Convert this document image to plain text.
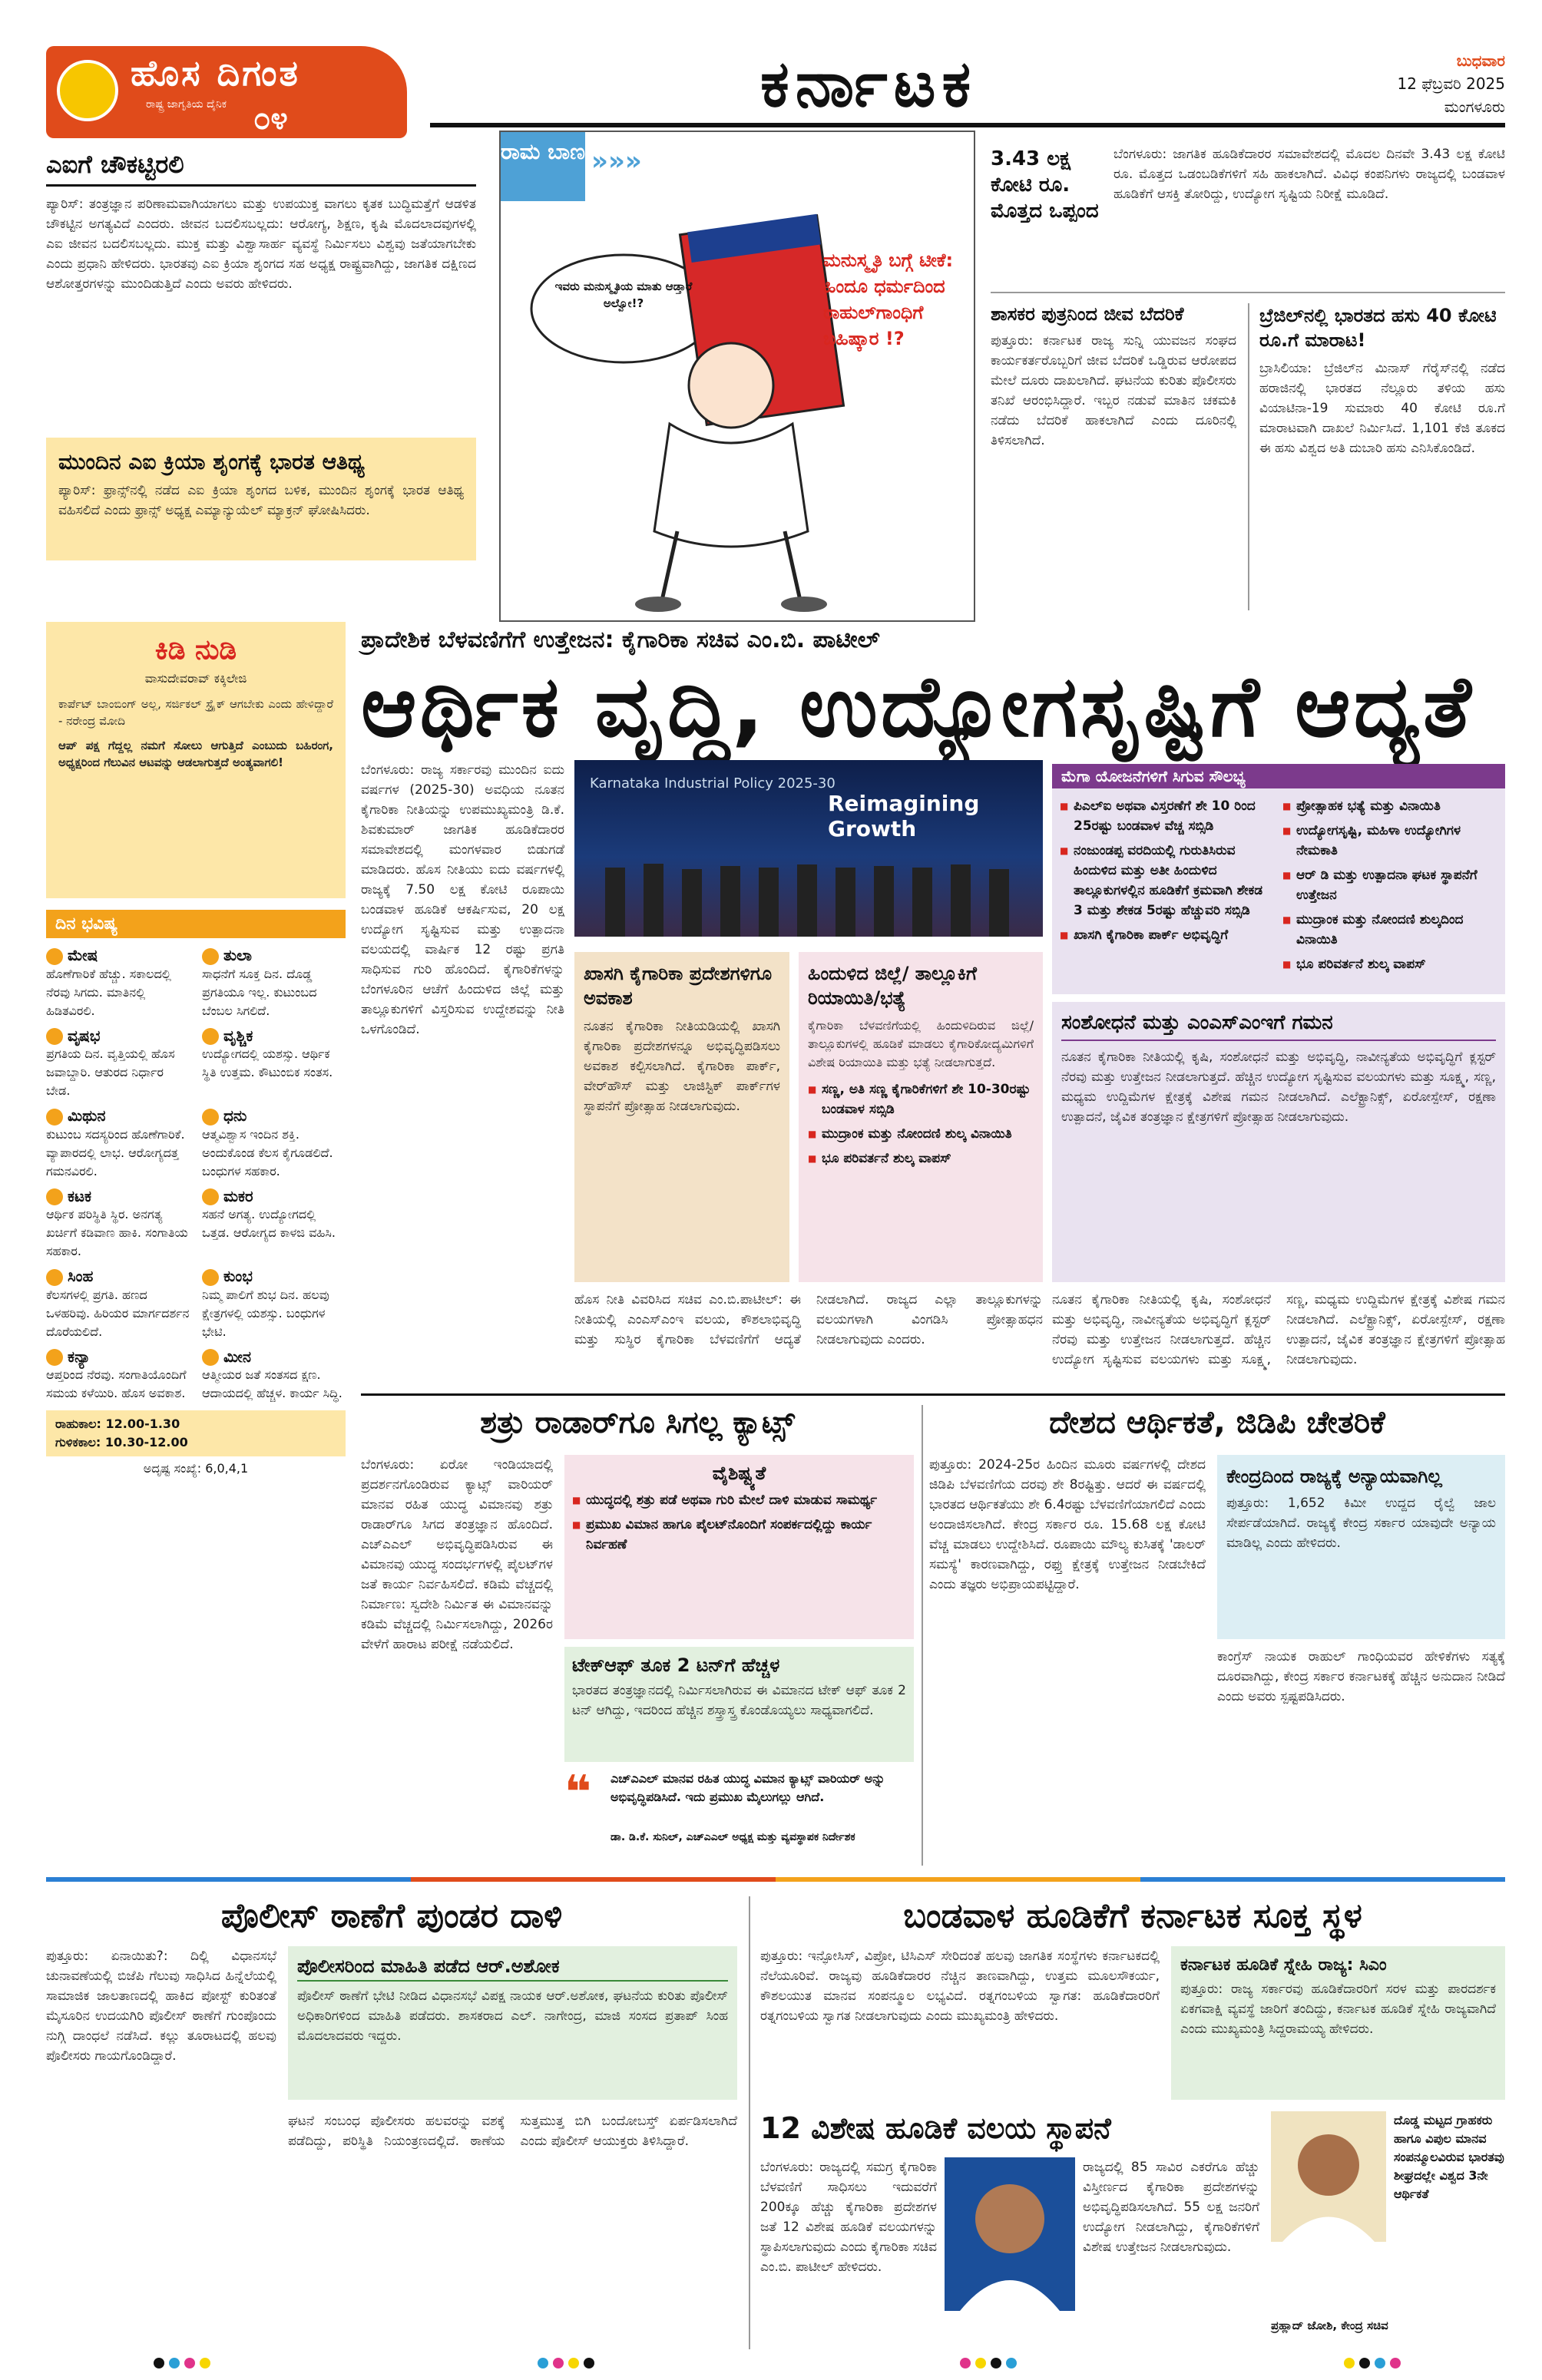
ಹೊಸ ದಿಗಂತ
ರಾಷ್ಟ್ರ ಜಾಗೃತಿಯ ದೈನಿಕ ೦೪	ಕರ್ನಾಟಕ	ಬುಧವಾರ
12 ಫೆಬ್ರವರಿ 2025
ಮಂಗಳೂರು
ಎಐಗೆ ಚೌಕಟ್ಟಿರಲಿ
ಪ್ಯಾರಿಸ್: ತಂತ್ರಜ್ಞಾನ ಪರಿಣಾಮವಾಗಿಯಾಗಲು ಮತ್ತು ಉಪಯುಕ್ತ ವಾಗಲು ಕೃತಕ ಬುದ್ಧಿಮತ್ತೆಗೆ ಆಡಳಿತ ಚೌಕಟ್ಟಿನ ಅಗತ್ಯವಿದೆ ಎಂದರು. ಜೀವನ ಬದಲಿಸಬಲ್ಲದು: ಆರೋಗ್ಯ, ಶಿಕ್ಷಣ, ಕೃಷಿ ಮೊದಲಾದವುಗಳಲ್ಲಿ ಎಐ ಜೀವನ ಬದಲಿಸಬಲ್ಲದು. ಮುಕ್ತ ಮತ್ತು ವಿಶ್ವಾಸಾರ್ಹ ವ್ಯವಸ್ಥೆ ನಿರ್ಮಿಸಲು ವಿಶ್ವವು ಜತೆಯಾಗಬೇಕು ಎಂದು ಪ್ರಧಾನಿ ಹೇಳಿದರು. ಭಾರತವು ಎಐ ಕ್ರಿಯಾ ಶೃಂಗದ ಸಹ ಅಧ್ಯಕ್ಷ ರಾಷ್ಟ್ರವಾಗಿದ್ದು, ಜಾಗತಿಕ ದಕ್ಷಿಣದ ಆಶೋತ್ತರಗಳನ್ನು ಮುಂದಿಡುತ್ತಿದೆ ಎಂದು ಅವರು ಹೇಳಿದರು.
ಮುಂದಿನ ಎಐ ಕ್ರಿಯಾ ಶೃಂಗಕ್ಕೆ ಭಾರತ ಆತಿಥ್ಯ
ಪ್ಯಾರಿಸ್: ಫ್ರಾನ್ಸ್‌ನಲ್ಲಿ ನಡೆದ ಎಐ ಕ್ರಿಯಾ ಶೃಂಗದ ಬಳಿಕ, ಮುಂದಿನ ಶೃಂಗಕ್ಕೆ ಭಾರತ ಆತಿಥ್ಯ ವಹಿಸಲಿದೆ ಎಂದು ಫ್ರಾನ್ಸ್ ಅಧ್ಯಕ್ಷ ಎಮ್ಯಾನ್ಯುಯೆಲ್ ಮ್ಯಾಕ್ರನ್ ಘೋಷಿಸಿದರು.
ರಾಮ ಬಾಣ »»»
ಇವರು ಮನುಸ್ಮೃತಿಯ ಮಾತು ಆಡ್ತಾರೆ ಅಲ್ವೋ!?
ಮನುಸ್ಮೃತಿ ಬಗ್ಗೆ ಟೀಕೆ: ಹಿಂದೂ ಧರ್ಮದಿಂದ ರಾಹುಲ್‌ಗಾಂಧಿಗೆ ಬಹಿಷ್ಕಾರ !?
3.43 ಲಕ್ಷ ಕೋಟಿ ರೂ. ಮೊತ್ತದ ಒಪ್ಪಂದ
ಬೆಂಗಳೂರು: ಜಾಗತಿಕ ಹೂಡಿಕೆದಾರರ ಸಮಾವೇಶದಲ್ಲಿ ಮೊದಲ ದಿನವೇ 3.43 ಲಕ್ಷ ಕೋಟಿ ರೂ. ಮೊತ್ತದ ಒಡಂಬಡಿಕೆಗಳಿಗೆ ಸಹಿ ಹಾಕಲಾಗಿದೆ. ವಿವಿಧ ಕಂಪನಿಗಳು ರಾಜ್ಯದಲ್ಲಿ ಬಂಡವಾಳ ಹೂಡಿಕೆಗೆ ಆಸಕ್ತಿ ತೋರಿದ್ದು, ಉದ್ಯೋಗ ಸೃಷ್ಟಿಯ ನಿರೀಕ್ಷೆ ಮೂಡಿದೆ.
ಶಾಸಕರ ಪುತ್ರನಿಂದ ಜೀವ ಬೆದರಿಕೆ
ಪುತ್ತೂರು: ಕರ್ನಾಟಕ ರಾಜ್ಯ ಸುನ್ನಿ ಯುವಜನ ಸಂಘದ ಕಾರ್ಯಕರ್ತರೊಬ್ಬರಿಗೆ ಜೀವ ಬೆದರಿಕೆ ಒಡ್ಡಿರುವ ಆರೋಪದ ಮೇಲೆ ದೂರು ದಾಖಲಾಗಿದೆ. ಘಟನೆಯ ಕುರಿತು ಪೊಲೀಸರು ತನಿಖೆ ಆರಂಭಿಸಿದ್ದಾರೆ. ಇಬ್ಬರ ನಡುವೆ ಮಾತಿನ ಚಕಮಕಿ ನಡೆದು ಬೆದರಿಕೆ ಹಾಕಲಾಗಿದೆ ಎಂದು ದೂರಿನಲ್ಲಿ ತಿಳಿಸಲಾಗಿದೆ.
ಬ್ರೆಜಿಲ್‌ನಲ್ಲಿ ಭಾರತದ ಹಸು 40 ಕೋಟಿ ರೂ.ಗೆ ಮಾರಾಟ!
ಬ್ರಾಸಿಲಿಯಾ: ಬ್ರೆಜಿಲ್‌ನ ಮಿನಾಸ್ ಗೆರೈಸ್‌ನಲ್ಲಿ ನಡೆದ ಹರಾಜಿನಲ್ಲಿ ಭಾರತದ ನೆಲ್ಲೂರು ತಳಿಯ ಹಸು ವಿಯಾಟಿನಾ-19 ಸುಮಾರು 40 ಕೋಟಿ ರೂ.ಗೆ ಮಾರಾಟವಾಗಿ ದಾಖಲೆ ನಿರ್ಮಿಸಿದೆ. 1,101 ಕೆಜಿ ತೂಕದ ಈ ಹಸು ವಿಶ್ವದ ಅತಿ ದುಬಾರಿ ಹಸು ಎನಿಸಿಕೊಂಡಿದೆ.
ಕಿಡಿ ನುಡಿ
ವಾಸುದೇವರಾವ್ ಕಕ್ಕಿಲೇಜಿ
ಕಾರ್ಪೆಟ್ ಬಾಂಬಿಂಗ್ ಅಲ್ಲ, ಸರ್ಜಿಕಲ್ ಸ್ಟ್ರೈಕ್ ಆಗಬೇಕು ಎಂದು ಹೇಳಿದ್ದಾರೆ - ನರೇಂದ್ರ ಮೋದಿ
ಆಪ್ ಪಕ್ಷ ಗೆದ್ದಲ್ಲ ನಮಗೆ ಸೋಲು ಆಗುತ್ತಿದೆ ಎಂಬುದು ಬಹಿರಂಗ, ಅಧ್ಯಕ್ಷರಿಂದ ಗೆಲುವಿನ ಆಟವನ್ನು ಆಡಲಾಗುತ್ತದೆ ಅಂತ್ಯವಾಗಲಿ!
ದಿನ ಭವಿಷ್ಯ
ಮೇಷ
ಹೊಣೆಗಾರಿಕೆ ಹೆಚ್ಚು. ಸಕಾಲದಲ್ಲಿ ನೆರವು ಸಿಗದು. ಮಾತಿನಲ್ಲಿ ಹಿಡಿತವಿರಲಿ.
ತುಲಾ
ಸಾಧನೆಗೆ ಸೂಕ್ತ ದಿನ. ದೊಡ್ಡ ಪ್ರಗತಿಯೂ ಇಲ್ಲ. ಕುಟುಂಬದ ಬೆಂಬಲ ಸಿಗಲಿದೆ.
ವೃಷಭ
ಪ್ರಗತಿಯ ದಿನ. ವೃತ್ತಿಯಲ್ಲಿ ಹೊಸ ಜವಾಬ್ದಾರಿ. ಆತುರದ ನಿರ್ಧಾರ ಬೇಡ.
ವೃಶ್ಚಿಕ
ಉದ್ಯೋಗದಲ್ಲಿ ಯಶಸ್ಸು. ಆರ್ಥಿಕ ಸ್ಥಿತಿ ಉತ್ತಮ. ಕೌಟುಂಬಿಕ ಸಂತಸ.
ಮಿಥುನ
ಕುಟುಂಬ ಸದಸ್ಯರಿಂದ ಹೊಣೆಗಾರಿಕೆ. ವ್ಯಾಪಾರದಲ್ಲಿ ಲಾಭ. ಆರೋಗ್ಯದತ್ತ ಗಮನವಿರಲಿ.
ಧನು
ಆತ್ಮವಿಶ್ವಾಸ ಇಂದಿನ ಶಕ್ತಿ. ಅಂದುಕೊಂಡ ಕೆಲಸ ಕೈಗೂಡಲಿದೆ. ಬಂಧುಗಳ ಸಹಕಾರ.
ಕಟಕ
ಆರ್ಥಿಕ ಪರಿಸ್ಥಿತಿ ಸ್ಥಿರ. ಅನಗತ್ಯ ಖರ್ಚಿಗೆ ಕಡಿವಾಣ ಹಾಕಿ. ಸಂಗಾತಿಯ ಸಹಕಾರ.
ಮಕರ
ಸಹನೆ ಅಗತ್ಯ. ಉದ್ಯೋಗದಲ್ಲಿ ಒತ್ತಡ. ಆರೋಗ್ಯದ ಕಾಳಜಿ ವಹಿಸಿ.
ಸಿಂಹ
ಕೆಲಸಗಳಲ್ಲಿ ಪ್ರಗತಿ. ಹಣದ ಒಳಹರಿವು. ಹಿರಿಯರ ಮಾರ್ಗದರ್ಶನ ದೊರೆಯಲಿದೆ.
ಕುಂಭ
ನಿಮ್ಮ ಪಾಲಿಗೆ ಶುಭ ದಿನ. ಹಲವು ಕ್ಷೇತ್ರಗಳಲ್ಲಿ ಯಶಸ್ಸು. ಬಂಧುಗಳ ಭೇಟಿ.
ಕನ್ಯಾ
ಆಪ್ತರಿಂದ ನೆರವು. ಸಂಗಾತಿಯೊಂದಿಗೆ ಸಮಯ ಕಳೆಯಿರಿ. ಹೊಸ ಅವಕಾಶ.
ಮೀನ
ಆತ್ಮೀಯರ ಜತೆ ಸಂತಸದ ಕ್ಷಣ. ಆದಾಯದಲ್ಲಿ ಹೆಚ್ಚಳ. ಕಾರ್ಯ ಸಿದ್ಧಿ.
ರಾಹುಕಾಲ: 12.00-1.30
ಗುಳಿಕಕಾಲ: 10.30-12.00
ಅದೃಷ್ಟ ಸಂಖ್ಯೆ: 6,0,4,1
ಪ್ರಾದೇಶಿಕ ಬೆಳವಣಿಗೆಗೆ ಉತ್ತೇಜನ: ಕೈಗಾರಿಕಾ ಸಚಿವ ಎಂ.ಬಿ. ಪಾಟೀಲ್
ಆರ್ಥಿಕ ವೃದ್ಧಿ, ಉದ್ಯೋಗಸೃಷ್ಟಿಗೆ ಆದ್ಯತೆ
ಬೆಂಗಳೂರು: ರಾಜ್ಯ ಸರ್ಕಾರವು ಮುಂದಿನ ಐದು ವರ್ಷಗಳ (2025-30) ಅವಧಿಯ ನೂತನ ಕೈಗಾರಿಕಾ ನೀತಿಯನ್ನು ಉಪಮುಖ್ಯಮಂತ್ರಿ ಡಿ.ಕೆ. ಶಿವಕುಮಾರ್ ಜಾಗತಿಕ ಹೂಡಿಕೆದಾರರ ಸಮಾವೇಶದಲ್ಲಿ ಮಂಗಳವಾರ ಬಿಡುಗಡೆ ಮಾಡಿದರು. ಹೊಸ ನೀತಿಯು ಐದು ವರ್ಷಗಳಲ್ಲಿ ರಾಜ್ಯಕ್ಕೆ 7.50 ಲಕ್ಷ ಕೋಟಿ ರೂಪಾಯಿ ಬಂಡವಾಳ ಹೂಡಿಕೆ ಆಕರ್ಷಿಸುವ, 20 ಲಕ್ಷ ಉದ್ಯೋಗ ಸೃಷ್ಟಿಸುವ ಮತ್ತು ಉತ್ಪಾದನಾ ವಲಯದಲ್ಲಿ ವಾರ್ಷಿಕ 12 ರಷ್ಟು ಪ್ರಗತಿ ಸಾಧಿಸುವ ಗುರಿ ಹೊಂದಿದೆ. ಕೈಗಾರಿಕೆಗಳನ್ನು ಬೆಂಗಳೂರಿನ ಆಚೆಗೆ ಹಿಂದುಳಿದ ಜಿಲ್ಲೆ ಮತ್ತು ತಾಲ್ಲೂಕುಗಳಿಗೆ ವಿಸ್ತರಿಸುವ ಉದ್ದೇಶವನ್ನು ನೀತಿ ಒಳಗೊಂಡಿದೆ.
Karnataka Industrial Policy 2025-30
Reimagining Growth
ಮೆಗಾ ಯೋಜನೆಗಳಿಗೆ ಸಿಗುವ ಸೌಲಭ್ಯ
■ ಪಿಎಲ್‌ಐ ಅಥವಾ ವಿಸ್ತರಣೆಗೆ ಶೇ 10 ರಿಂದ 25ರಷ್ಟು ಬಂಡವಾಳ ವೆಚ್ಚ ಸಬ್ಸಿಡಿ
■ ನಂಜುಂಡಪ್ಪ ವರದಿಯಲ್ಲಿ ಗುರುತಿಸಿರುವ ಹಿಂದುಳಿದ ಮತ್ತು ಅತೀ ಹಿಂದುಳಿದ ತಾಲ್ಲೂಕುಗಳಲ್ಲಿನ ಹೂಡಿಕೆಗೆ ಕ್ರಮವಾಗಿ ಶೇಕಡ 3 ಮತ್ತು ಶೇಕಡ 5ರಷ್ಟು ಹೆಚ್ಚುವರಿ ಸಬ್ಸಿಡಿ
■ ಖಾಸಗಿ ಕೈಗಾರಿಕಾ ಪಾರ್ಕ್ ಅಭಿವೃದ್ಧಿಗೆ
■ ಪ್ರೋತ್ಸಾಹಕ ಭತ್ಯೆ ಮತ್ತು ವಿನಾಯಿತಿ
■ ಉದ್ಯೋಗಸೃಷ್ಟಿ, ಮಹಿಳಾ ಉದ್ಯೋಗಿಗಳ ನೇಮಕಾತಿ
■ ಆರ್ ಡಿ ಮತ್ತು ಉತ್ಪಾದನಾ ಘಟಕ ಸ್ಥಾಪನೆಗೆ ಉತ್ತೇಜನ
■ ಮುದ್ರಾಂಕ ಮತ್ತು ನೋಂದಣಿ ಶುಲ್ಕದಿಂದ ವಿನಾಯಿತಿ
■ ಭೂ ಪರಿವರ್ತನೆ ಶುಲ್ಕ ವಾಪಸ್
ಖಾಸಗಿ ಕೈಗಾರಿಕಾ ಪ್ರದೇಶಗಳಿಗೂ ಅವಕಾಶ
ನೂತನ ಕೈಗಾರಿಕಾ ನೀತಿಯಡಿಯಲ್ಲಿ ಖಾಸಗಿ ಕೈಗಾರಿಕಾ ಪ್ರದೇಶಗಳನ್ನೂ ಅಭಿವೃದ್ಧಿಪಡಿಸಲು ಅವಕಾಶ ಕಲ್ಪಿಸಲಾಗಿದೆ. ಕೈಗಾರಿಕಾ ಪಾರ್ಕ್, ವೇರ್‌ಹೌಸ್ ಮತ್ತು ಲಾಜಿಸ್ಟಿಕ್ ಪಾರ್ಕ್‌ಗಳ ಸ್ಥಾಪನೆಗೆ ಪ್ರೋತ್ಸಾಹ ನೀಡಲಾಗುವುದು.
ಹಿಂದುಳಿದ ಜಿಲ್ಲೆ/ ತಾಲ್ಲೂಕಿಗೆ ರಿಯಾಯಿತಿ/ಭತ್ಯೆ
ಕೈಗಾರಿಕಾ ಬೆಳವಣಿಗೆಯಲ್ಲಿ ಹಿಂದುಳಿದಿರುವ ಜಿಲ್ಲೆ/ತಾಲ್ಲೂಕುಗಳಲ್ಲಿ ಹೂಡಿಕೆ ಮಾಡಲು ಕೈಗಾರಿಕೋದ್ಯಮಿಗಳಿಗೆ ವಿಶೇಷ ರಿಯಾಯಿತಿ ಮತ್ತು ಭತ್ಯೆ ನೀಡಲಾಗುತ್ತದೆ.
■ ಸಣ್ಣ, ಅತಿ ಸಣ್ಣ ಕೈಗಾರಿಕೆಗಳಿಗೆ ಶೇ 10-30ರಷ್ಟು ಬಂಡವಾಳ ಸಬ್ಸಿಡಿ
■ ಮುದ್ರಾಂಕ ಮತ್ತು ನೋಂದಣಿ ಶುಲ್ಕ ವಿನಾಯಿತಿ
■ ಭೂ ಪರಿವರ್ತನೆ ಶುಲ್ಕ ವಾಪಸ್
ಸಂಶೋಧನೆ ಮತ್ತು ಎಂಎಸ್‌ಎಂಇಗೆ ಗಮನ
ನೂತನ ಕೈಗಾರಿಕಾ ನೀತಿಯಲ್ಲಿ ಕೃಷಿ, ಸಂಶೋಧನೆ ಮತ್ತು ಅಭಿವೃದ್ಧಿ, ನಾವೀನ್ಯತೆಯ ಅಭಿವೃದ್ಧಿಗೆ ಕ್ಲಸ್ಟರ್ ನೆರವು ಮತ್ತು ಉತ್ತೇಜನ ನೀಡಲಾಗುತ್ತದೆ. ಹೆಚ್ಚಿನ ಉದ್ಯೋಗ ಸೃಷ್ಟಿಸುವ ವಲಯಗಳು ಮತ್ತು ಸೂಕ್ಷ್ಮ, ಸಣ್ಣ, ಮಧ್ಯಮ ಉದ್ದಿಮೆಗಳ ಕ್ಷೇತ್ರಕ್ಕೆ ವಿಶೇಷ ಗಮನ ನೀಡಲಾಗಿದೆ. ಎಲೆಕ್ಟ್ರಾನಿಕ್ಸ್, ಏರೋಸ್ಪೇಸ್, ರಕ್ಷಣಾ ಉತ್ಪಾದನೆ, ಜೈವಿಕ ತಂತ್ರಜ್ಞಾನ ಕ್ಷೇತ್ರಗಳಿಗೆ ಪ್ರೋತ್ಸಾಹ ನೀಡಲಾಗುವುದು.
ಹೊಸ ನೀತಿ ವಿವರಿಸಿದ ಸಚಿವ ಎಂ.ಬಿ.ಪಾಟೀಲ್: ಈ ನೀತಿಯಲ್ಲಿ ಎಂಎಸ್‌ಎಂಇ ವಲಯ, ಕೌಶಲಾಭಿವೃದ್ಧಿ ಮತ್ತು ಸುಸ್ಥಿರ ಕೈಗಾರಿಕಾ ಬೆಳವಣಿಗೆಗೆ ಆದ್ಯತೆ ನೀಡಲಾಗಿದೆ. ರಾಜ್ಯದ ಎಲ್ಲಾ ತಾಲ್ಲೂಕುಗಳನ್ನು ವಲಯಗಳಾಗಿ ವಿಂಗಡಿಸಿ ಪ್ರೋತ್ಸಾಹಧನ ನೀಡಲಾಗುವುದು ಎಂದರು.
ನೂತನ ಕೈಗಾರಿಕಾ ನೀತಿಯಲ್ಲಿ ಕೃಷಿ, ಸಂಶೋಧನೆ ಮತ್ತು ಅಭಿವೃದ್ಧಿ, ನಾವೀನ್ಯತೆಯ ಅಭಿವೃದ್ಧಿಗೆ ಕ್ಲಸ್ಟರ್ ನೆರವು ಮತ್ತು ಉತ್ತೇಜನ ನೀಡಲಾಗುತ್ತದೆ. ಹೆಚ್ಚಿನ ಉದ್ಯೋಗ ಸೃಷ್ಟಿಸುವ ವಲಯಗಳು ಮತ್ತು ಸೂಕ್ಷ್ಮ, ಸಣ್ಣ, ಮಧ್ಯಮ ಉದ್ದಿಮೆಗಳ ಕ್ಷೇತ್ರಕ್ಕೆ ವಿಶೇಷ ಗಮನ ನೀಡಲಾಗಿದೆ. ಎಲೆಕ್ಟ್ರಾನಿಕ್ಸ್, ಏರೋಸ್ಪೇಸ್, ರಕ್ಷಣಾ ಉತ್ಪಾದನೆ, ಜೈವಿಕ ತಂತ್ರಜ್ಞಾನ ಕ್ಷೇತ್ರಗಳಿಗೆ ಪ್ರೋತ್ಸಾಹ ನೀಡಲಾಗುವುದು.
ಶತ್ರು ರಾಡಾರ್‌ಗೂ ಸಿಗಲ್ಲ ಕ್ಯಾಟ್ಸ್
ಬೆಂಗಳೂರು: ಏರೋ ಇಂಡಿಯಾದಲ್ಲಿ ಪ್ರದರ್ಶನಗೊಂಡಿರುವ ಕ್ಯಾಟ್ಸ್ ವಾರಿಯರ್ ಮಾನವ ರಹಿತ ಯುದ್ಧ ವಿಮಾನವು ಶತ್ರು ರಾಡಾರ್‌ಗೂ ಸಿಗದ ತಂತ್ರಜ್ಞಾನ ಹೊಂದಿದೆ. ಎಚ್‌ಎಎಲ್ ಅಭಿವೃದ್ಧಿಪಡಿಸಿರುವ ಈ ವಿಮಾನವು ಯುದ್ಧ ಸಂದರ್ಭಗಳಲ್ಲಿ ಪೈಲಟ್‌ಗಳ ಜತೆ ಕಾರ್ಯ ನಿರ್ವಹಿಸಲಿದೆ. ಕಡಿಮೆ ವೆಚ್ಚದಲ್ಲಿ ನಿರ್ಮಾಣ: ಸ್ವದೇಶಿ ನಿರ್ಮಿತ ಈ ವಿಮಾನವನ್ನು ಕಡಿಮೆ ವೆಚ್ಚದಲ್ಲಿ ನಿರ್ಮಿಸಲಾಗಿದ್ದು, 2026ರ ವೇಳೆಗೆ ಹಾರಾಟ ಪರೀಕ್ಷೆ ನಡೆಯಲಿದೆ.
ವೈಶಿಷ್ಟ್ಯತೆ
■ ಯುದ್ಧದಲ್ಲಿ ಶತ್ರು ಪಡೆ ಅಥವಾ ಗುರಿ ಮೇಲೆ ದಾಳಿ ಮಾಡುವ ಸಾಮರ್ಥ್ಯ
■ ಪ್ರಮುಖ ವಿಮಾನ ಹಾಗೂ ಪೈಲಟ್‌ನೊಂದಿಗೆ ಸಂಪರ್ಕದಲ್ಲಿದ್ದು ಕಾರ್ಯ ನಿರ್ವಹಣೆ
ಟೇಕ್‌ಆಫ್ ತೂಕ 2 ಟನ್‌ಗೆ ಹೆಚ್ಚಳ
ಭಾರತದ ತಂತ್ರಜ್ಞಾನದಲ್ಲಿ ನಿರ್ಮಿಸಲಾಗಿರುವ ಈ ವಿಮಾನದ ಟೇಕ್ ಆಫ್ ತೂಕ 2 ಟನ್ ಆಗಿದ್ದು, ಇದರಿಂದ ಹೆಚ್ಚಿನ ಶಸ್ತ್ರಾಸ್ತ್ರ ಕೊಂಡೊಯ್ಯಲು ಸಾಧ್ಯವಾಗಲಿದೆ.
❝ ಎಚ್‌ಎಎಲ್ ಮಾನವ ರಹಿತ ಯುದ್ಧ ವಿಮಾನ ಕ್ಯಾಟ್ಸ್ ವಾರಿಯರ್ ಅನ್ನು ಅಭಿವೃದ್ಧಿಪಡಿಸಿದೆ. ಇದು ಪ್ರಮುಖ ಮೈಲುಗಲ್ಲು ಆಗಿದೆ.
ಡಾ. ಡಿ.ಕೆ. ಸುನಿಲ್, ಎಚ್‌ಎಎಲ್ ಅಧ್ಯಕ್ಷ ಮತ್ತು ವ್ಯವಸ್ಥಾಪಕ ನಿರ್ದೇಶಕ
ದೇಶದ ಆರ್ಥಿಕತೆ, ಜಿಡಿಪಿ ಚೇತರಿಕೆ
ಪುತ್ತೂರು: 2024-25ರ ಹಿಂದಿನ ಮೂರು ವರ್ಷಗಳಲ್ಲಿ ದೇಶದ ಜಿಡಿಪಿ ಬೆಳವಣಿಗೆಯ ದರವು ಶೇ 8ರಷ್ಟಿತ್ತು. ಆದರೆ ಈ ವರ್ಷದಲ್ಲಿ ಭಾರತದ ಆರ್ಥಿಕತೆಯು ಶೇ 6.4ರಷ್ಟು ಬೆಳವಣಿಗೆಯಾಗಲಿದೆ ಎಂದು ಅಂದಾಜಿಸಲಾಗಿದೆ. ಕೇಂದ್ರ ಸರ್ಕಾರ ರೂ. 15.68 ಲಕ್ಷ ಕೋಟಿ ವೆಚ್ಚ ಮಾಡಲು ಉದ್ದೇಶಿಸಿದೆ. ರೂಪಾಯಿ ಮೌಲ್ಯ ಕುಸಿತಕ್ಕೆ 'ಡಾಲರ್ ಸಮಸ್ಯೆ' ಕಾರಣವಾಗಿದ್ದು, ರಫ್ತು ಕ್ಷೇತ್ರಕ್ಕೆ ಉತ್ತೇಜನ ನೀಡಬೇಕಿದೆ ಎಂದು ತಜ್ಞರು ಅಭಿಪ್ರಾಯಪಟ್ಟಿದ್ದಾರೆ.
ಕೇಂದ್ರದಿಂದ ರಾಜ್ಯಕ್ಕೆ ಅನ್ಯಾಯವಾಗಿಲ್ಲ
ಪುತ್ತೂರು: 1,652 ಕಿಮೀ ಉದ್ದದ ರೈಲ್ವೆ ಜಾಲ ಸೇರ್ಪಡೆಯಾಗಿದೆ. ರಾಜ್ಯಕ್ಕೆ ಕೇಂದ್ರ ಸರ್ಕಾರ ಯಾವುದೇ ಅನ್ಯಾಯ ಮಾಡಿಲ್ಲ ಎಂದು ಹೇಳಿದರು.
ಕಾಂಗ್ರೆಸ್ ನಾಯಕ ರಾಹುಲ್ ಗಾಂಧಿಯವರ ಹೇಳಿಕೆಗಳು ಸತ್ಯಕ್ಕೆ ದೂರವಾಗಿದ್ದು, ಕೇಂದ್ರ ಸರ್ಕಾರ ಕರ್ನಾಟಕಕ್ಕೆ ಹೆಚ್ಚಿನ ಅನುದಾನ ನೀಡಿದೆ ಎಂದು ಅವರು ಸ್ಪಷ್ಟಪಡಿಸಿದರು.
ಪೊಲೀಸ್ ಠಾಣೆಗೆ ಪುಂಡರ ದಾಳಿ
ಪುತ್ತೂರು: ಏನಾಯಿತು?: ದಿಲ್ಲಿ ವಿಧಾನಸಭೆ ಚುನಾವಣೆಯಲ್ಲಿ ಬಿಜೆಪಿ ಗೆಲುವು ಸಾಧಿಸಿದ ಹಿನ್ನೆಲೆಯಲ್ಲಿ ಸಾಮಾಜಿಕ ಜಾಲತಾಣದಲ್ಲಿ ಹಾಕಿದ ಪೋಸ್ಟ್ ಕುರಿತಂತೆ ಮೈಸೂರಿನ ಉದಯಗಿರಿ ಪೊಲೀಸ್ ಠಾಣೆಗೆ ಗುಂಪೊಂದು ನುಗ್ಗಿ ದಾಂಧಲೆ ನಡೆಸಿದೆ. ಕಲ್ಲು ತೂರಾಟದಲ್ಲಿ ಹಲವು ಪೊಲೀಸರು ಗಾಯಗೊಂಡಿದ್ದಾರೆ.
ಪೊಲೀಸರಿಂದ ಮಾಹಿತಿ ಪಡೆದ ಆರ್.ಅಶೋಕ
ಪೊಲೀಸ್ ಠಾಣೆಗೆ ಭೇಟಿ ನೀಡಿದ ವಿಧಾನಸಭೆ ವಿಪಕ್ಷ ನಾಯಕ ಆರ್.ಅಶೋಕ, ಘಟನೆಯ ಕುರಿತು ಪೊಲೀಸ್ ಅಧಿಕಾರಿಗಳಿಂದ ಮಾಹಿತಿ ಪಡೆದರು. ಶಾಸಕರಾದ ಎಲ್. ನಾಗೇಂದ್ರ, ಮಾಜಿ ಸಂಸದ ಪ್ರತಾಪ್ ಸಿಂಹ ಮೊದಲಾದವರು ಇದ್ದರು.
ಘಟನೆ ಸಂಬಂಧ ಪೊಲೀಸರು ಹಲವರನ್ನು ವಶಕ್ಕೆ ಪಡೆದಿದ್ದು, ಪರಿಸ್ಥಿತಿ ನಿಯಂತ್ರಣದಲ್ಲಿದೆ. ಠಾಣೆಯ ಸುತ್ತಮುತ್ತ ಬಿಗಿ ಬಂದೋಬಸ್ತ್ ಏರ್ಪಡಿಸಲಾಗಿದೆ ಎಂದು ಪೊಲೀಸ್ ಆಯುಕ್ತರು ತಿಳಿಸಿದ್ದಾರೆ.
ಬಂಡವಾಳ ಹೂಡಿಕೆಗೆ ಕರ್ನಾಟಕ ಸೂಕ್ತ ಸ್ಥಳ
ಪುತ್ತೂರು: ಇನ್ಫೋಸಿಸ್, ವಿಪ್ರೋ, ಟಿಸಿಎಸ್ ಸೇರಿದಂತೆ ಹಲವು ಜಾಗತಿಕ ಸಂಸ್ಥೆಗಳು ಕರ್ನಾಟಕದಲ್ಲಿ ನೆಲೆಯೂರಿವೆ. ರಾಜ್ಯವು ಹೂಡಿಕೆದಾರರ ನೆಚ್ಚಿನ ತಾಣವಾಗಿದ್ದು, ಉತ್ತಮ ಮೂಲಸೌಕರ್ಯ, ಕೌಶಲಯುತ ಮಾನವ ಸಂಪನ್ಮೂಲ ಲಭ್ಯವಿದೆ. ರತ್ನಗಂಬಳಿಯ ಸ್ವಾಗತ: ಹೂಡಿಕೆದಾರರಿಗೆ ರತ್ನಗಂಬಳಿಯ ಸ್ವಾಗತ ನೀಡಲಾಗುವುದು ಎಂದು ಮುಖ್ಯಮಂತ್ರಿ ಹೇಳಿದರು.
ಕರ್ನಾಟಕ ಹೂಡಿಕೆ ಸ್ನೇಹಿ ರಾಜ್ಯ: ಸಿಎಂ
ಪುತ್ತೂರು: ರಾಜ್ಯ ಸರ್ಕಾರವು ಹೂಡಿಕೆದಾರರಿಗೆ ಸರಳ ಮತ್ತು ಪಾರದರ್ಶಕ ಏಕಗವಾಕ್ಷಿ ವ್ಯವಸ್ಥೆ ಜಾರಿಗೆ ತಂದಿದ್ದು, ಕರ್ನಾಟಕ ಹೂಡಿಕೆ ಸ್ನೇಹಿ ರಾಜ್ಯವಾಗಿದೆ ಎಂದು ಮುಖ್ಯಮಂತ್ರಿ ಸಿದ್ದರಾಮಯ್ಯ ಹೇಳಿದರು.
12 ವಿಶೇಷ ಹೂಡಿಕೆ ವಲಯ ಸ್ಥಾಪನೆ
ಬೆಂಗಳೂರು: ರಾಜ್ಯದಲ್ಲಿ ಸಮಗ್ರ ಕೈಗಾರಿಕಾ ಬೆಳವಣಿಗೆ ಸಾಧಿಸಲು ಇದುವರೆಗೆ 200ಕ್ಕೂ ಹೆಚ್ಚು ಕೈಗಾರಿಕಾ ಪ್ರದೇಶಗಳ ಜತೆ 12 ವಿಶೇಷ ಹೂಡಿಕೆ ವಲಯಗಳನ್ನು ಸ್ಥಾಪಿಸಲಾಗುವುದು ಎಂದು ಕೈಗಾರಿಕಾ ಸಚಿವ ಎಂ.ಬಿ. ಪಾಟೀಲ್ ಹೇಳಿದರು.
ರಾಜ್ಯದಲ್ಲಿ 85 ಸಾವಿರ ಎಕರೆಗೂ ಹೆಚ್ಚು ವಿಸ್ತೀರ್ಣದ ಕೈಗಾರಿಕಾ ಪ್ರದೇಶಗಳನ್ನು ಅಭಿವೃದ್ಧಿಪಡಿಸಲಾಗಿದೆ. 55 ಲಕ್ಷ ಜನರಿಗೆ ಉದ್ಯೋಗ ನೀಡಲಾಗಿದ್ದು, ಕೈಗಾರಿಕೆಗಳಿಗೆ ವಿಶೇಷ ಉತ್ತೇಜನ ನೀಡಲಾಗುವುದು.
ದೊಡ್ಡ ಮಟ್ಟದ ಗ್ರಾಹಕರು ಹಾಗೂ ವಿಪುಲ ಮಾನವ ಸಂಪನ್ಮೂಲವಿರುವ ಭಾರತವು ಶೀಘ್ರದಲ್ಲೇ ವಿಶ್ವದ 3ನೇ ಆರ್ಥಿಕತೆ
ಪ್ರಹ್ಲಾದ್ ಜೋಶಿ, ಕೇಂದ್ರ ಸಚಿವ
